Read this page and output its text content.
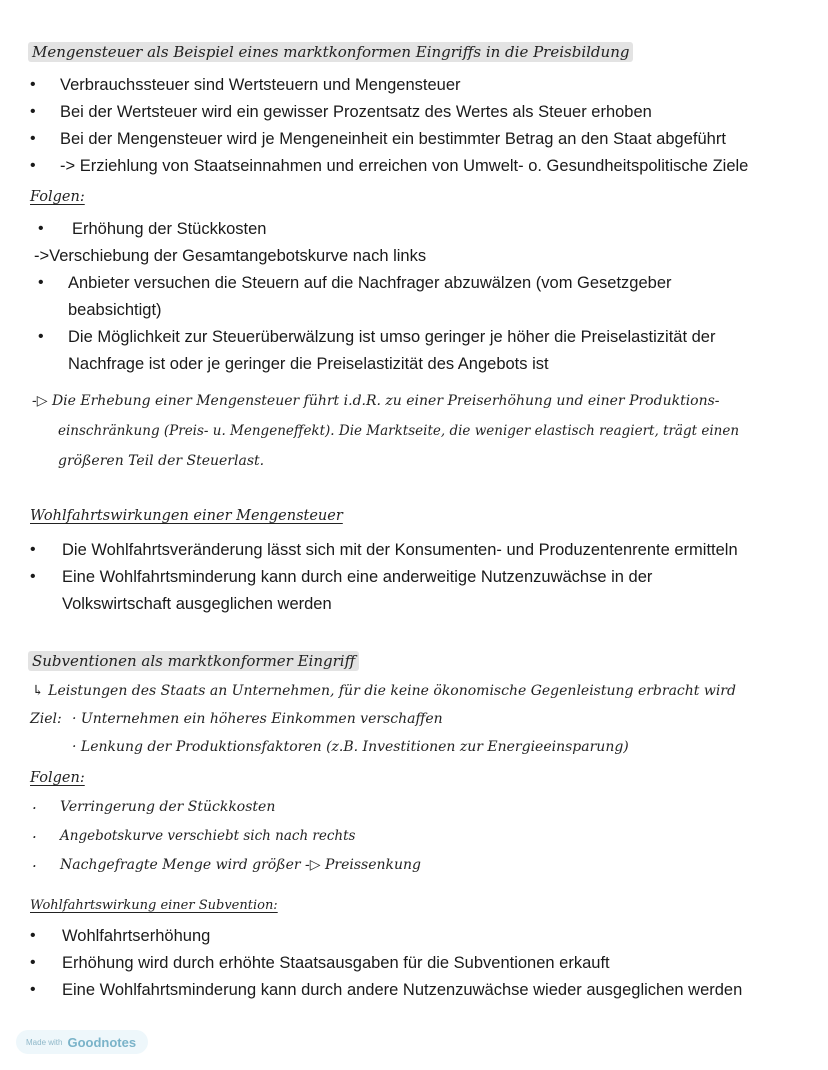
Mengensteuer als Beispiel eines marktkonformen Eingriffs in die Preisbildung
• Verbrauchssteuer sind Wertsteuern und Mengensteuer
• Bei der Wertsteuer wird ein gewisser Prozentsatz des Wertes als Steuer erhoben
• Bei der Mengensteuer wird je Mengeneinheit ein bestimmter Betrag an den Staat abgeführt
• -> Erziehlung von Staatseinnahmen und erreichen von Umwelt- o. Gesundheitspolitische Ziele
Folgen:
• Erhöhung der Stückkosten
->Verschiebung der Gesamtangebotskurve nach links
• Anbieter versuchen die Steuern auf die Nachfrager abzuwälzen (vom Gesetzgeber
beabsichtigt)
• Die Möglichkeit zur Steuerüberwälzung ist umso geringer je höher die Preiselastizität der
Nachfrage ist oder je geringer die Preiselastizität des Angebots ist
-▷ Die Erhebung einer Mengensteuer führt i.d.R. zu einer Preiserhöhung und einer Produktions-
einschränkung (Preis- u. Mengeneffekt). Die Marktseite, die weniger elastisch reagiert, trägt einen
größeren Teil der Steuerlast.
Wohlfahrtswirkungen einer Mengensteuer
• Die Wohlfahrtsveränderung lässt sich mit der Konsumenten- und Produzentenrente ermitteln
• Eine Wohlfahrtsminderung kann durch eine anderweitige Nutzenzuwächse in der
Volkswirtschaft ausgeglichen werden
Subventionen als marktkonformer Eingriff
↳ Leistungen des Staats an Unternehmen, für die keine ökonomische Gegenleistung erbracht wird
Ziel: · Unternehmen ein höheres Einkommen verschaffen
· Lenkung der Produktionsfaktoren (z.B. Investitionen zur Energieeinsparung)
Folgen:
· Verringerung der Stückkosten
· Angebotskurve verschiebt sich nach rechts
· Nachgefragte Menge wird größer -▷ Preissenkung
Wohlfahrtswirkung einer Subvention:
• Wohlfahrtserhöhung
• Erhöhung wird durch erhöhte Staatsausgaben für die Subventionen erkauft
• Eine Wohlfahrtsminderung kann durch andere Nutzenzuwächse wieder ausgeglichen werden
Made with Goodnotes
